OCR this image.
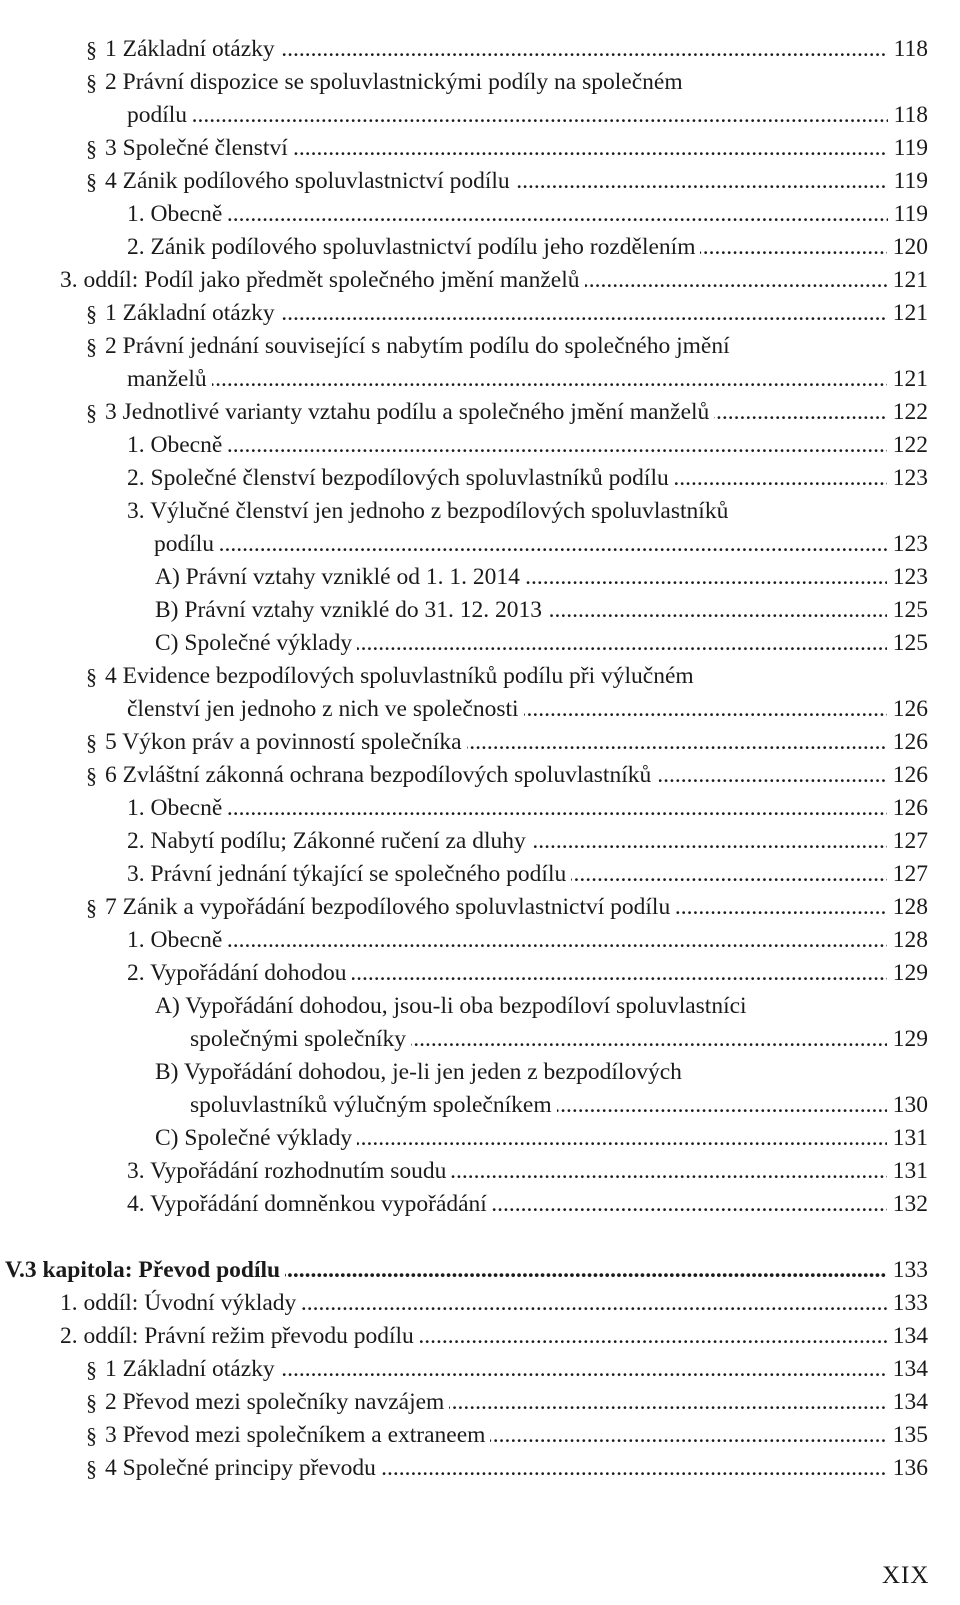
§ 1 Základní otázky .....	118
§ 2 Právní dispozice se spoluvlastnickými podíly na společném
podílu .....	118
§ 3 Společné členství .....	119
§ 4 Zánik podílového spoluvlastnictví podílu .....	119
1. Obecně .....	119
2. Zánik podílového spoluvlastnictví podílu jeho rozdělením .....	120
3. oddíl: Podíl jako předmět společného jmění manželů .....	121
§ 1 Základní otázky .....	121
§ 2 Právní jednání související s nabytím podílu do společného jmění
manželů .....	121
§ 3 Jednotlivé varianty vztahu podílu a společného jmění manželů .....	122
1. Obecně .....	122
2. Společné členství bezpodílových spoluvlastníků podílu .....	123
3. Výlučné členství jen jednoho z bezpodílových spoluvlastníků
podílu .....	123
A) Právní vztahy vzniklé od 1. 1. 2014 .....	123
B) Právní vztahy vzniklé do 31. 12. 2013 .....	125
C) Společné výklady .....	125
§ 4 Evidence bezpodílových spoluvlastníků podílu při výlučném
členství jen jednoho z nich ve společnosti .....	126
§ 5 Výkon práv a povinností společníka .....	126
§ 6 Zvláštní zákonná ochrana bezpodílových spoluvlastníků .....	126
1. Obecně .....	126
2. Nabytí podílu; Zákonné ručení za dluhy .....	127
3. Právní jednání týkající se společného podílu .....	127
§ 7 Zánik a vypořádání bezpodílového spoluvlastnictví podílu .....	128
1. Obecně .....	128
2. Vypořádání dohodou .....	129
A) Vypořádání dohodou, jsou-li oba bezpodíloví spoluvlastníci
společnými společníky .....	129
B) Vypořádání dohodou, je-li jen jeden z bezpodílových
spoluvlastníků výlučným společníkem .....	130
C) Společné výklady .....	131
3. Vypořádání rozhodnutím soudu .....	131
4. Vypořádání domněnkou vypořádání .....	132
V.3 kapitola: Převod podílu .....	133
1. oddíl: Úvodní výklady .....	133
2. oddíl: Právní režim převodu podílu .....	134
§ 1 Základní otázky .....	134
§ 2 Převod mezi společníky navzájem .....	134
§ 3 Převod mezi společníkem a extraneem .....	135
§ 4 Společné principy převodu .....	136
XIX
